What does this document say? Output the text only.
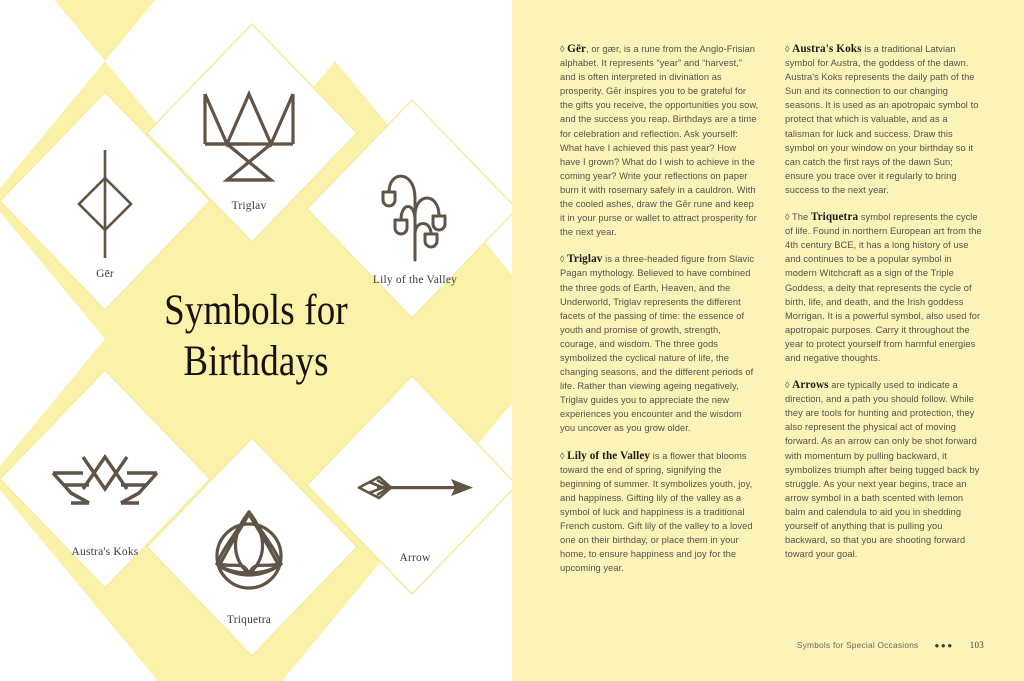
Gēr
Triglav
Lily of the Valley
Austra's Koks
Triquetra
Arrow
Symbols for
Birthdays

◊ Gēr, or gær, is a rune from the Anglo-Frisian alphabet. It represents “year” and “harvest,” and is often interpreted in divination as prosperity. Gēr inspires you to be grateful for the gifts you receive, the opportunities you sow, and the success you reap. Birthdays are a time for celebration and reflection. Ask yourself: What have I achieved this past year? How have I grown? What do I wish to achieve in the coming year? Write your reflections on paper burn it with rosemary safely in a cauldron. With the cooled ashes, draw the Gēr rune and keep it in your purse or wallet to attract prosperity for the next year.

◊ Triglav is a three-headed figure from Slavic Pagan mythology. Believed to have combined the three gods of Earth, Heaven, and the Underworld, Triglav represents the different facets of the passing of time: the essence of youth and promise of growth, strength, courage, and wisdom. The three gods symbolized the cyclical nature of life, the changing seasons, and the different periods of life. Rather than viewing ageing negatively, Triglav guides you to appreciate the new experiences you encounter and the wisdom you uncover as you grow older.

◊ Lily of the Valley is a flower that blooms toward the end of spring, signifying the beginning of summer. It symbolizes youth, joy, and happiness. Gifting lily of the valley as a symbol of luck and happiness is a traditional French custom. Gift lily of the valley to a loved one on their birthday, or place them in your home, to ensure happiness and joy for the upcoming year.

◊ Austra's Koks is a traditional Latvian symbol for Austra, the goddess of the dawn. Austra's Koks represents the daily path of the Sun and its connection to our changing seasons. It is used as an apotropaic symbol to protect that which is valuable, and as a talisman for luck and success. Draw this symbol on your window on your birthday so it can catch the first rays of the dawn Sun; ensure you trace over it regularly to bring success to the next year.

◊ The Triquetra symbol represents the cycle of life. Found in northern European art from the 4th century BCE, it has a long history of use and continues to be a popular symbol in modern Witchcraft as a sign of the Triple Goddess, a deity that represents the cycle of birth, life, and death, and the Irish goddess Morrigan. It is a powerful symbol, also used for apotropaic purposes. Carry it throughout the year to protect yourself from harmful energies and negative thoughts.

◊ Arrows are typically used to indicate a direction, and a path you should follow. While they are tools for hunting and protection, they also represent the physical act of moving forward. As an arrow can only be shot forward with momentum by pulling backward, it symbolizes triumph after being tugged back by struggle. As your next year begins, trace an arrow symbol in a bath scented with lemon balm and calendula to aid you in shedding yourself of anything that is pulling you backward, so that you are shooting forward toward your goal.

Symbols for Special Occasions ●●● 103
